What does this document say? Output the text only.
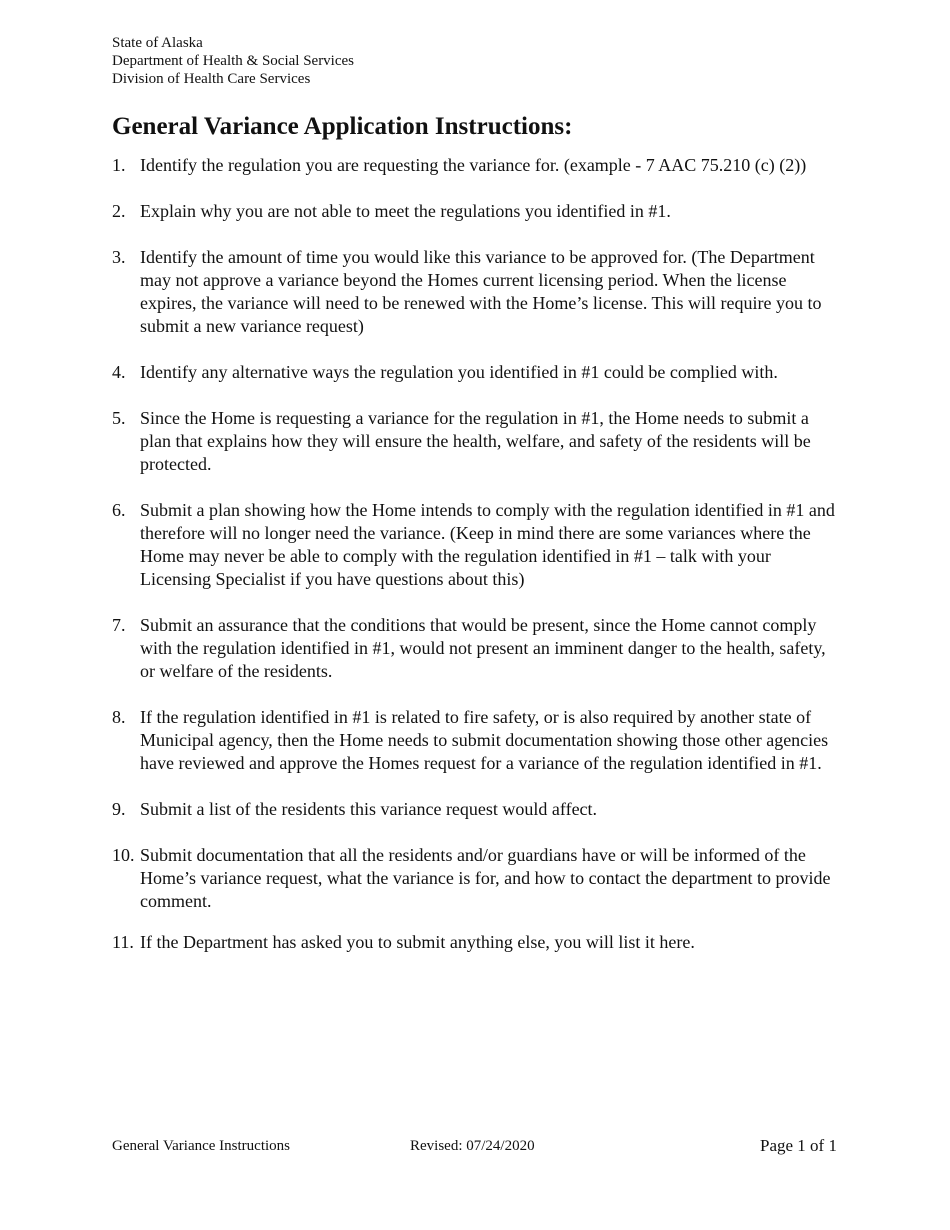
State of Alaska
Department of Health & Social Services
Division of Health Care Services
General Variance Application Instructions:
1. Identify the regulation you are requesting the variance for. (example - 7 AAC 75.210 (c) (2))
2. Explain why you are not able to meet the regulations you identified in #1.
3. Identify the amount of time you would like this variance to be approved for. (The Department may not approve a variance beyond the Homes current licensing period. When the license expires, the variance will need to be renewed with the Home’s license. This will require you to submit a new variance request)
4. Identify any alternative ways the regulation you identified in #1 could be complied with.
5. Since the Home is requesting a variance for the regulation in #1, the Home needs to submit a plan that explains how they will ensure the health, welfare, and safety of the residents will be protected.
6. Submit a plan showing how the Home intends to comply with the regulation identified in #1 and therefore will no longer need the variance. (Keep in mind there are some variances where the Home may never be able to comply with the regulation identified in #1 – talk with your Licensing Specialist if you have questions about this)
7. Submit an assurance that the conditions that would be present, since the Home cannot comply with the regulation identified in #1, would not present an imminent danger to the health, safety, or welfare of the residents.
8. If the regulation identified in #1 is related to fire safety, or is also required by another state of Municipal agency, then the Home needs to submit documentation showing those other agencies have reviewed and approve the Homes request for a variance of the regulation identified in #1.
9. Submit a list of the residents this variance request would affect.
10. Submit documentation that all the residents and/or guardians have or will be informed of the Home’s variance request, what the variance is for, and how to contact the department to provide comment.
11. If the Department has asked you to submit anything else, you will list it here.
General Variance Instructions	Revised: 07/24/2020	Page 1 of 1
